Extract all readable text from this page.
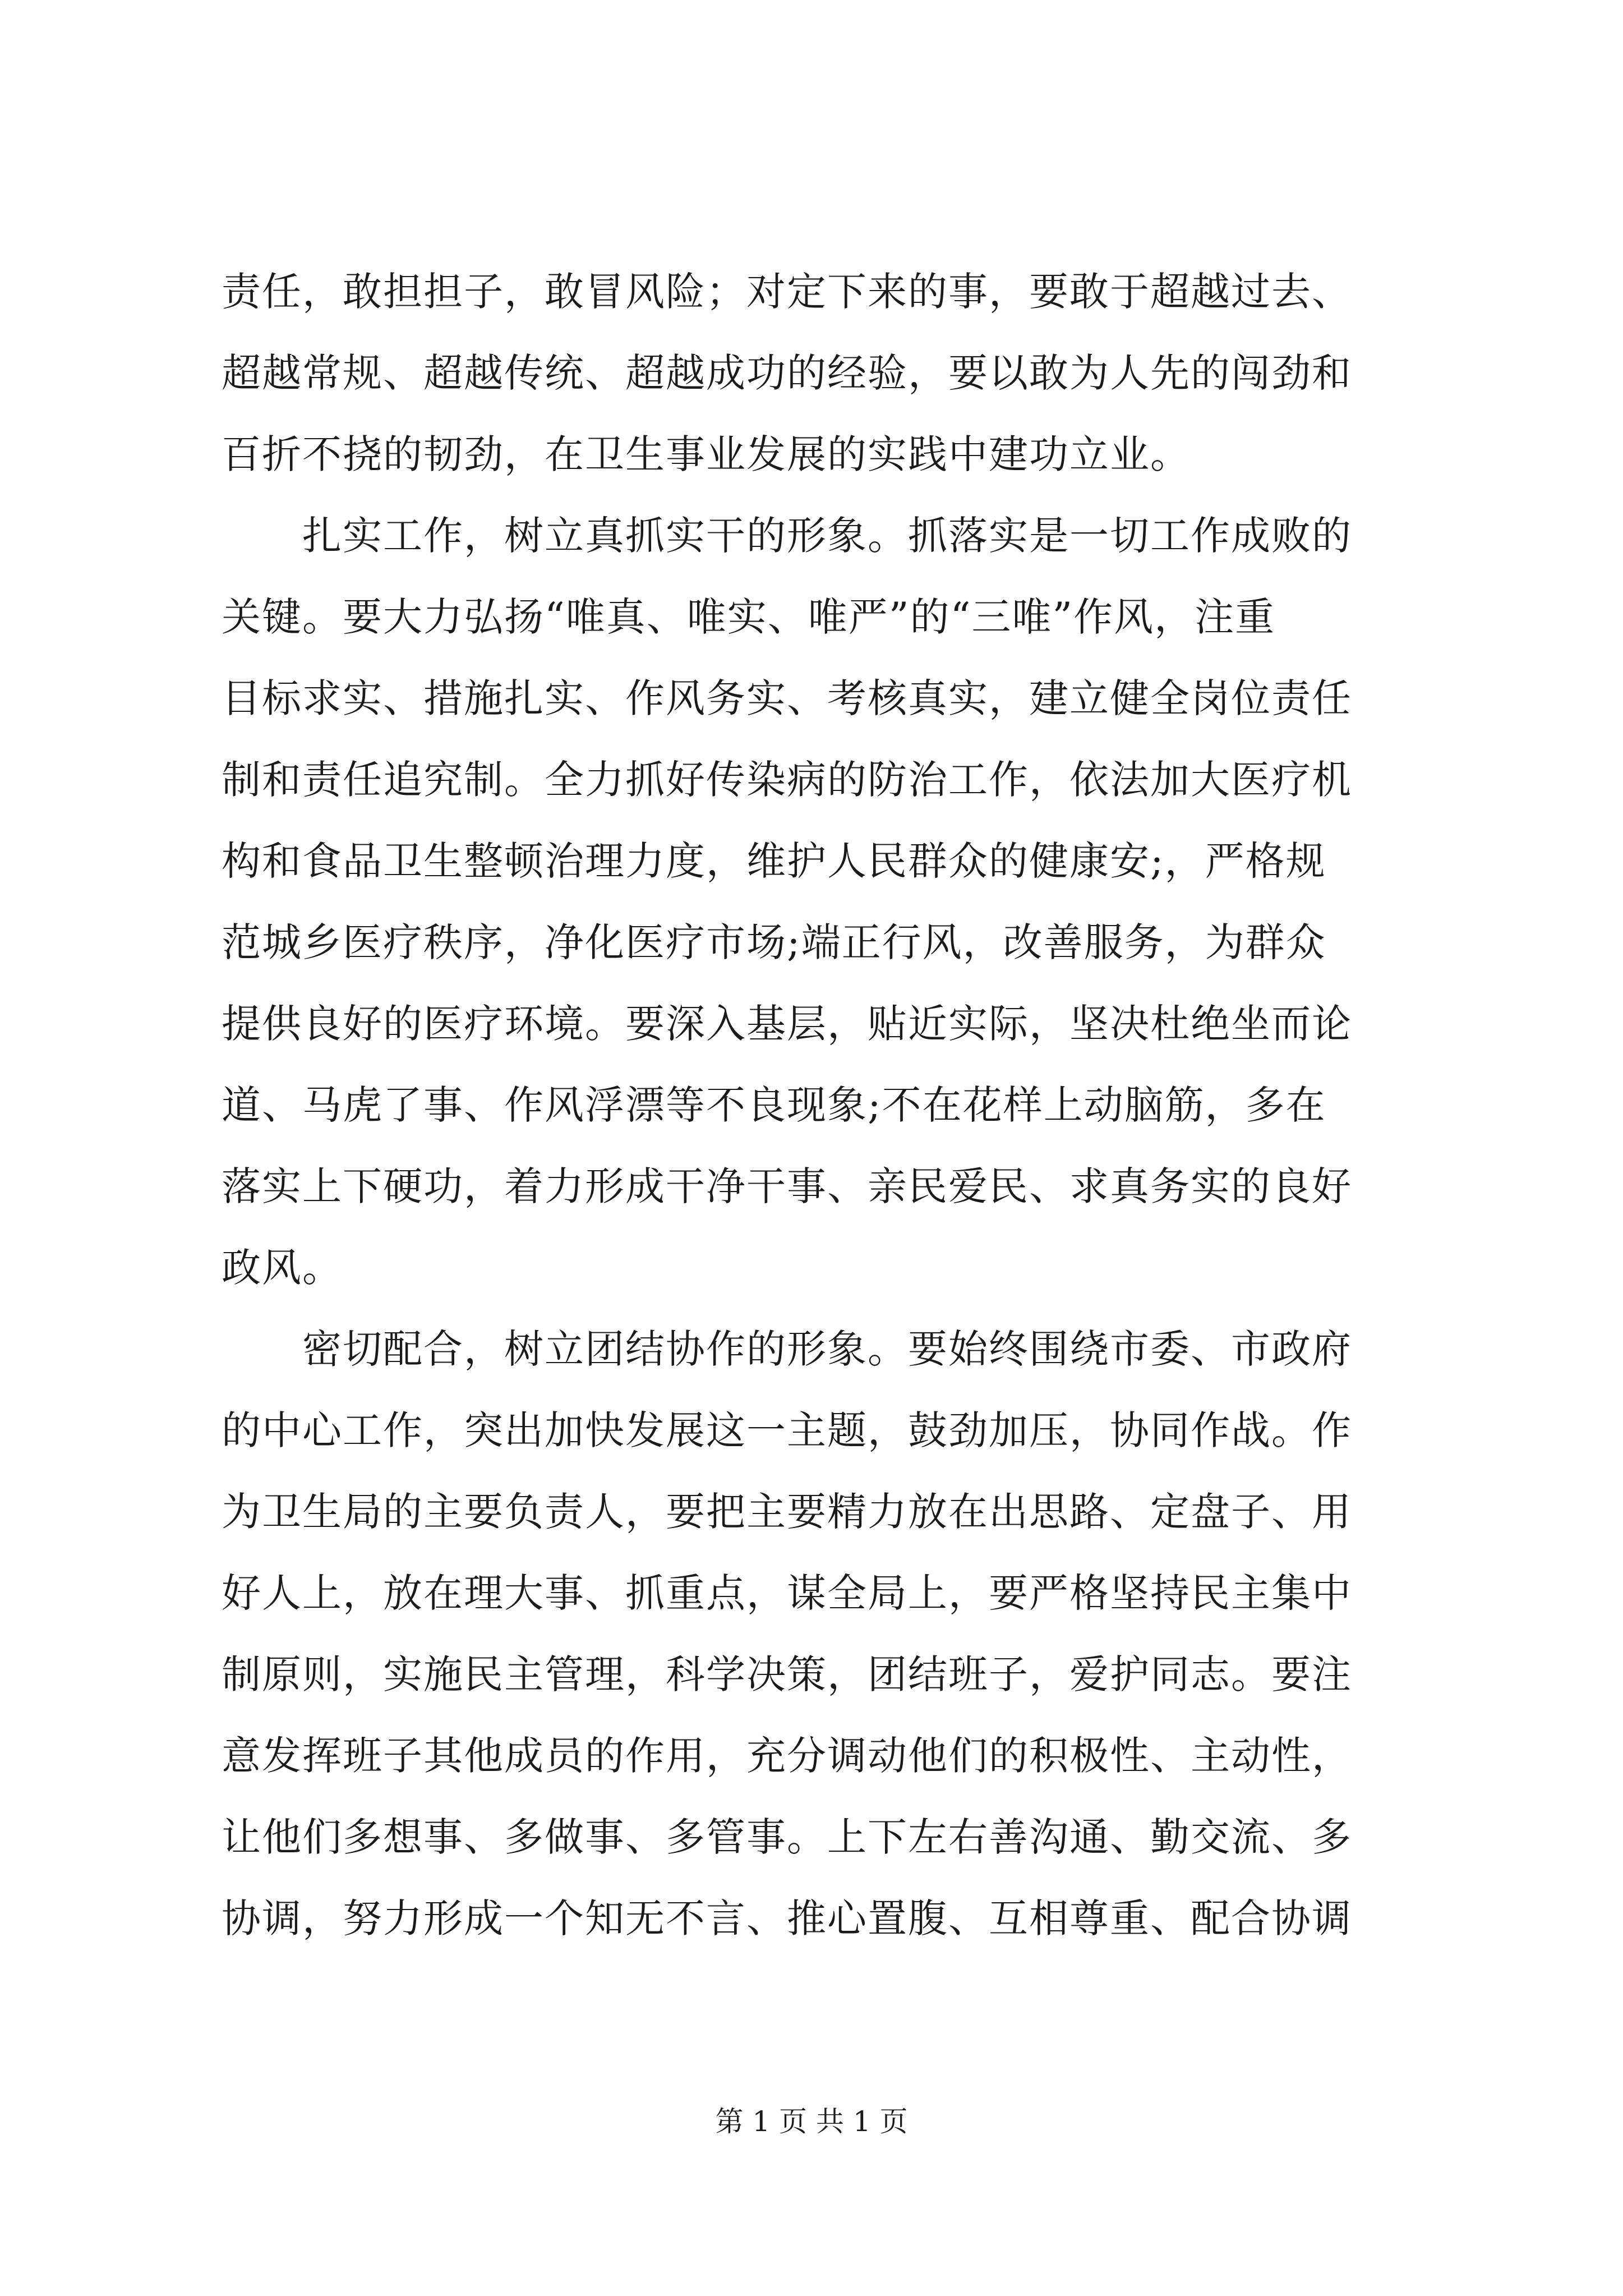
责任，敢担担子，敢冒风险；对定下来的事，要敢于超越过去、
超越常规、超越传统、超越成功的经验，要以敢为人先的闯劲和
百折不挠的韧劲，在卫生事业发展的实践中建功立业。
扎实工作，树立真抓实干的形象。抓落实是一切工作成败的
关键。要大力弘扬“唯真、唯实、唯严”的“三唯”作风，注重
目标求实、措施扎实、作风务实、考核真实，建立健全岗位责任
制和责任追究制。全力抓好传染病的防治工作，依法加大医疗机
构和食品卫生整顿治理力度，维护人民群众的健康安;，严格规
范城乡医疗秩序，净化医疗市场;端正行风，改善服务，为群众
提供良好的医疗环境。要深入基层，贴近实际，坚决杜绝坐而论
道、马虎了事、作风浮漂等不良现象;不在花样上动脑筋，多在
落实上下硬功，着力形成干净干事、亲民爱民、求真务实的良好
政风。
密切配合，树立团结协作的形象。要始终围绕市委、市政府
的中心工作，突出加快发展这一主题，鼓劲加压，协同作战。作
为卫生局的主要负责人，要把主要精力放在出思路、定盘子、用
好人上，放在理大事、抓重点，谋全局上，要严格坚持民主集中
制原则，实施民主管理，科学决策，团结班子，爱护同志。要注
意发挥班子其他成员的作用，充分调动他们的积极性、主动性，
让他们多想事、多做事、多管事。上下左右善沟通、勤交流、多
协调，努力形成一个知无不言、推心置腹、互相尊重、配合协调
第 1 页 共 1 页
